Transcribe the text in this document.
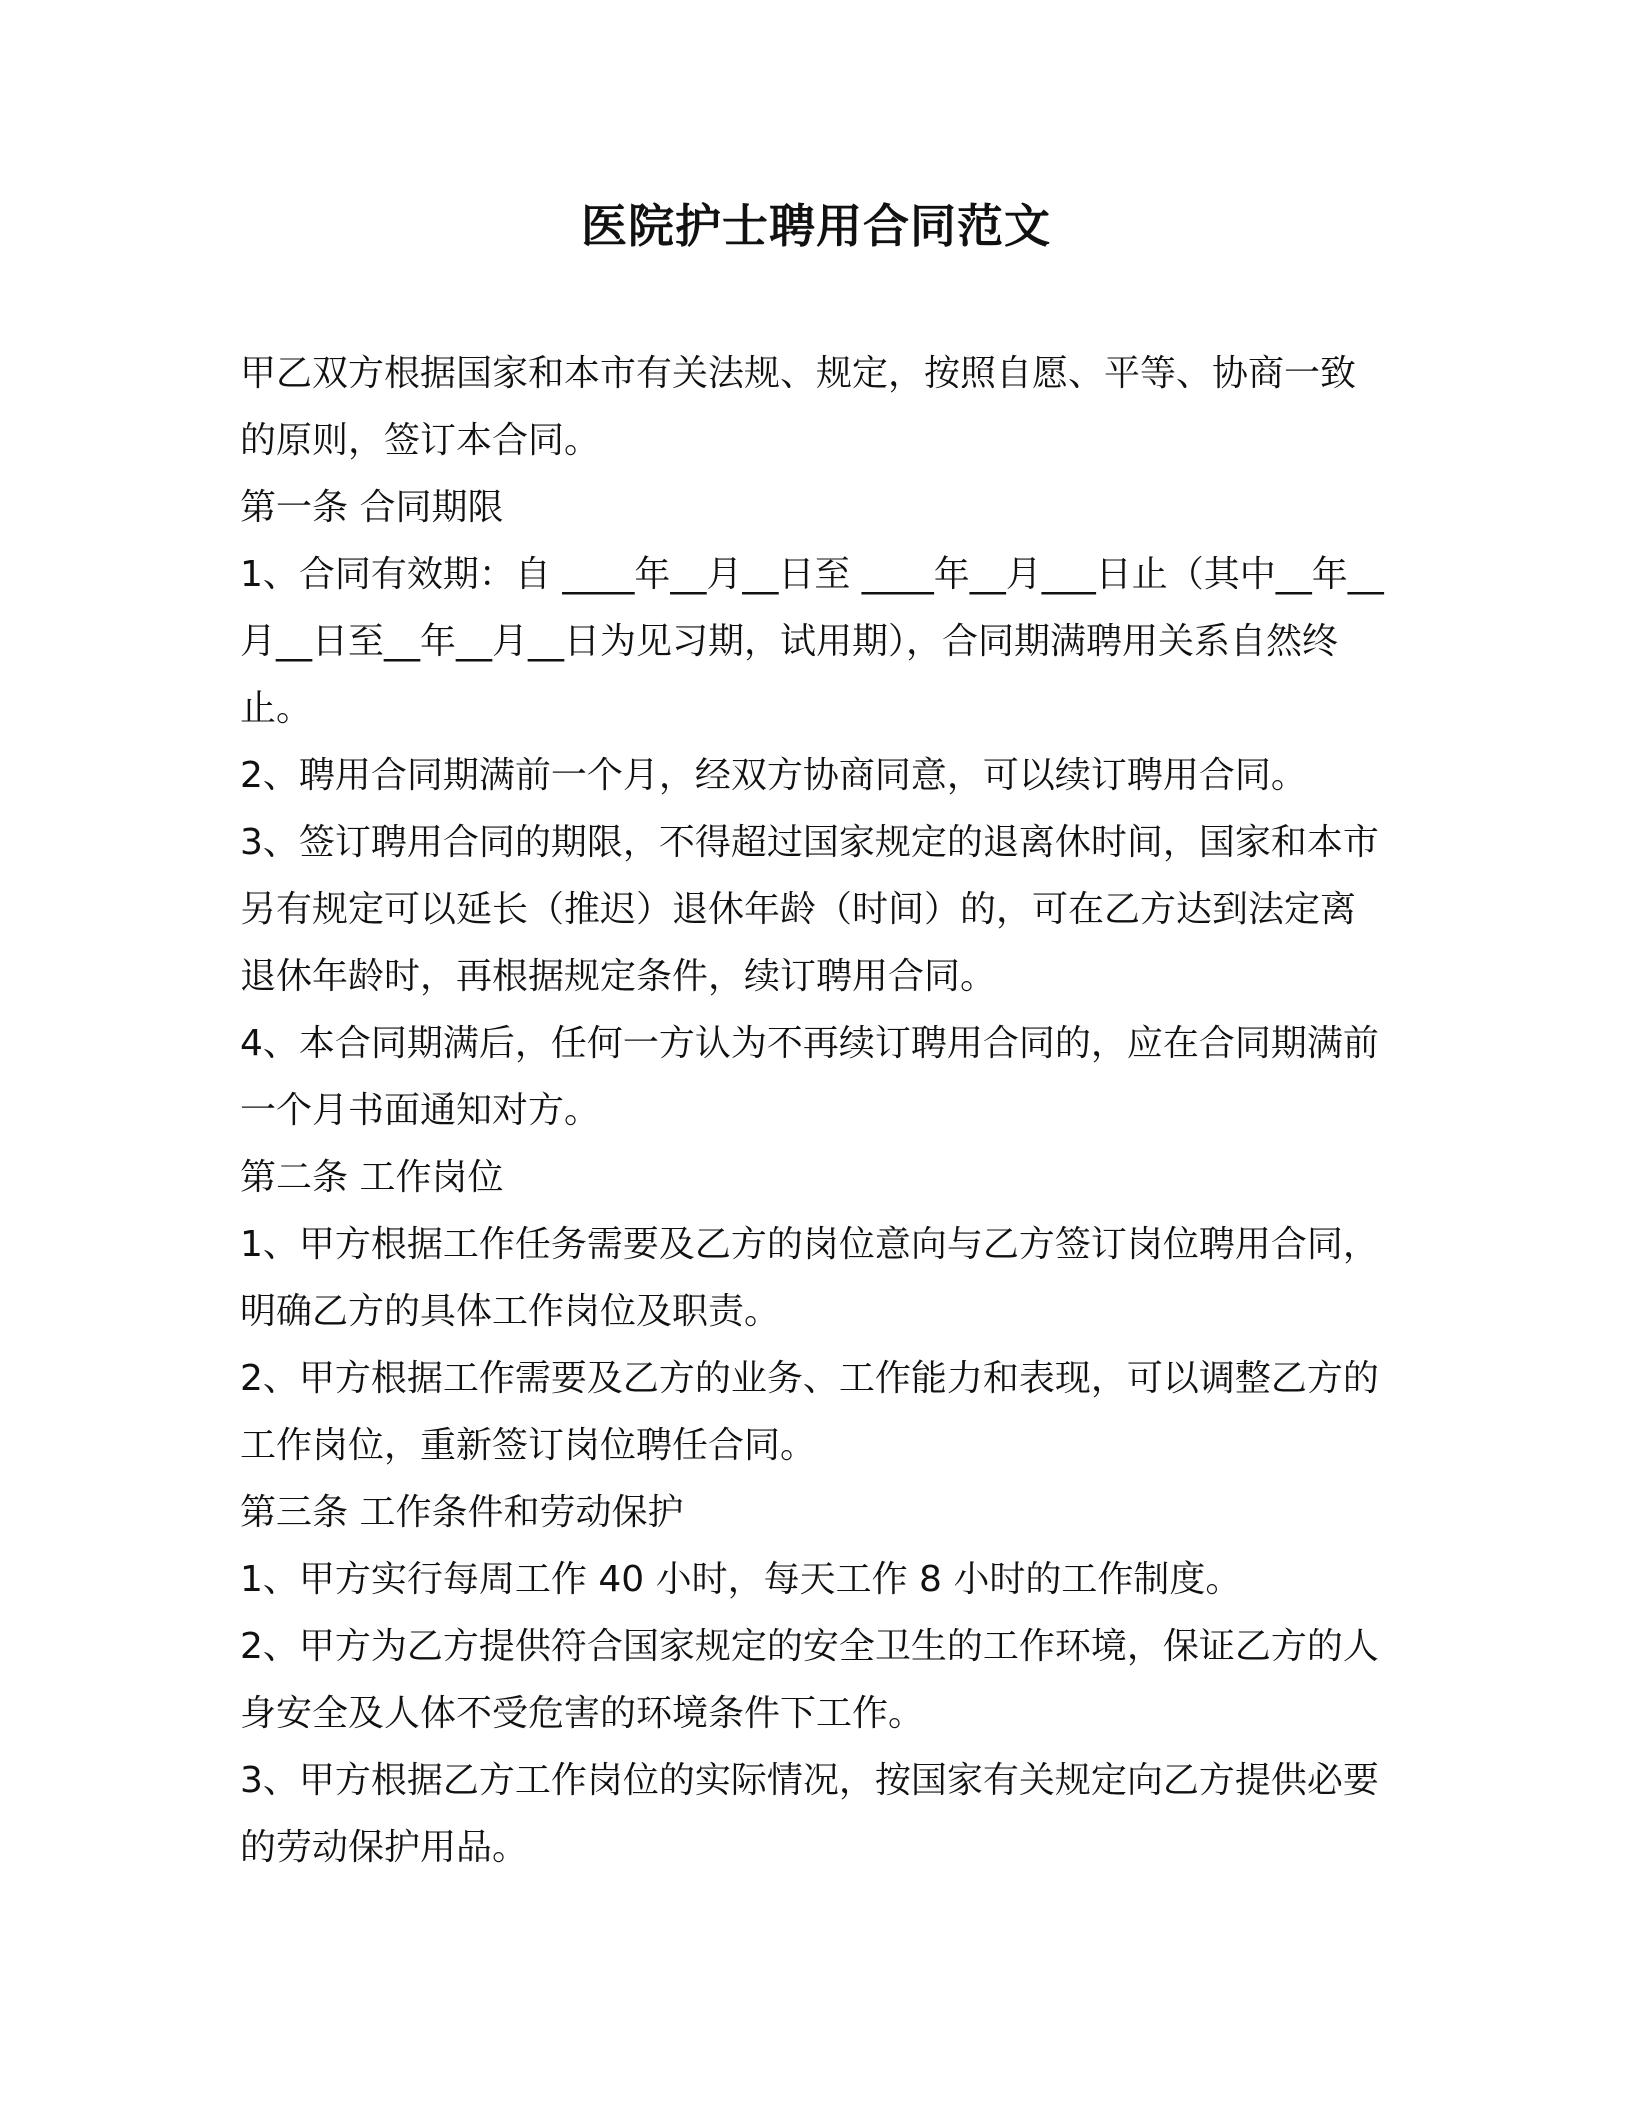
医院护士聘用合同范文

甲乙双方根据国家和本市有关法规、规定，按照自愿、平等、协商一致的原则，签订本合同。

第一条 合同期限

1、合同有效期：自 ____年__月__日至 ____年__月___日止（其中__年__月__日至__年__月__日为见习期，试用期），合同期满聘用关系自然终止。

2、聘用合同期满前一个月，经双方协商同意，可以续订聘用合同。

3、签订聘用合同的期限，不得超过国家规定的退离休时间，国家和本市另有规定可以延长（推迟）退休年龄（时间）的，可在乙方达到法定离退休年龄时，再根据规定条件，续订聘用合同。

4、本合同期满后，任何一方认为不再续订聘用合同的，应在合同期满前一个月书面通知对方。

第二条 工作岗位

1、甲方根据工作任务需要及乙方的岗位意向与乙方签订岗位聘用合同，明确乙方的具体工作岗位及职责。

2、甲方根据工作需要及乙方的业务、工作能力和表现，可以调整乙方的工作岗位，重新签订岗位聘任合同。

第三条 工作条件和劳动保护

1、甲方实行每周工作 40 小时，每天工作 8 小时的工作制度。

2、甲方为乙方提供符合国家规定的安全卫生的工作环境，保证乙方的人身安全及人体不受危害的环境条件下工作。

3、甲方根据乙方工作岗位的实际情况，按国家有关规定向乙方提供必要的劳动保护用品。
